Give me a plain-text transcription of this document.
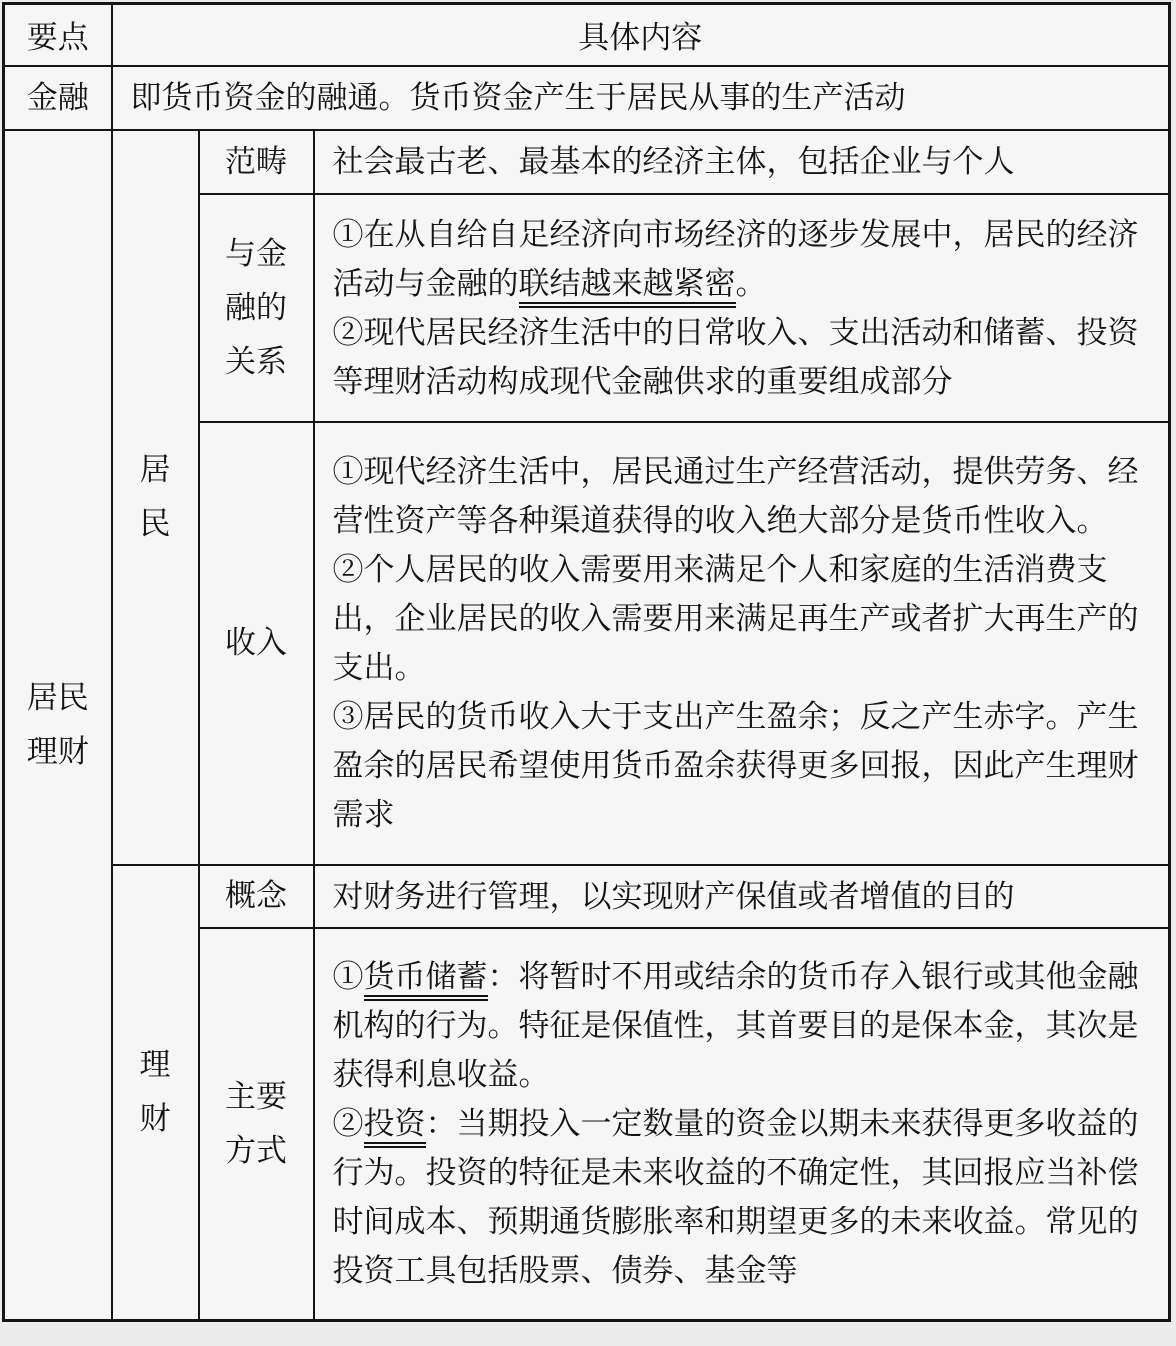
要点	具体内容		
金融	即货币资金的融通。货币资金产生于居民从事的生产活动		

居民理财	居民	范畴	社会最古老、最基本的经济主体，包括企业与个人

		与金融的关系	①在从自给自足经济向市场经济的逐步发展中，居民的经济活动与金融的联结越来越紧密。
②现代居民经济生活中的日常收入、支出活动和储蓄、投资等理财活动构成现代金融供求的重要组成部分

		收入	①现代经济生活中，居民通过生产经营活动，提供劳务、经营性资产等各种渠道获得的收入绝大部分是货币性收入。
②个人居民的收入需要用来满足个人和家庭的生活消费支出，企业居民的收入需要用来满足再生产或者扩大再生产的支出。
③居民的货币收入大于支出产生盈余；反之产生赤字。产生盈余的居民希望使用货币盈余获得更多回报，因此产生理财需求

	理财	概念	对财务进行管理，以实现财产保值或者增值的目的

		主要方式	①货币储蓄：将暂时不用或结余的货币存入银行或其他金融机构的行为。特征是保值性，其首要目的是保本金，其次是获得利息收益。
②投资：当期投入一定数量的资金以期未来获得更多收益的行为。投资的特征是未来收益的不确定性，其回报应当补偿时间成本、预期通货膨胀率和期望更多的未来收益。常见的投资工具包括股票、债券、基金等
